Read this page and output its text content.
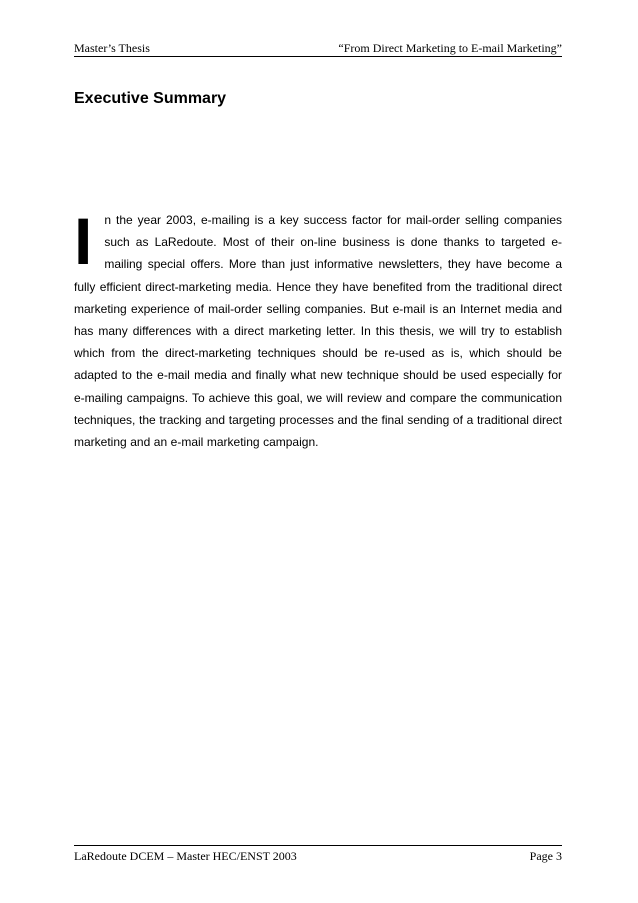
Master’s Thesis	“From Direct Marketing to E-mail Marketing”
Executive Summary

I n the year 2003, e-mailing is a key success factor for mail-order selling companies such as LaRedoute. Most of their on-line business is done thanks to targeted e-mailing special offers. More than just informative newsletters, they have become a fully efficient direct-marketing media. Hence they have benefited from the traditional direct marketing experience of mail-order selling companies. But e-mail is an Internet media and has many differences with a direct marketing letter. In this thesis, we will try to establish which from the direct-marketing techniques should be re-used as is, which should be adapted to the e-mail media and finally what new technique should be used especially for e-mailing campaigns. To achieve this goal, we will review and compare the communication techniques, the tracking and targeting processes and the final sending of a traditional direct marketing and an e-mail marketing campaign.

LaRedoute DCEM – Master HEC/ENST 2003	Page 3
